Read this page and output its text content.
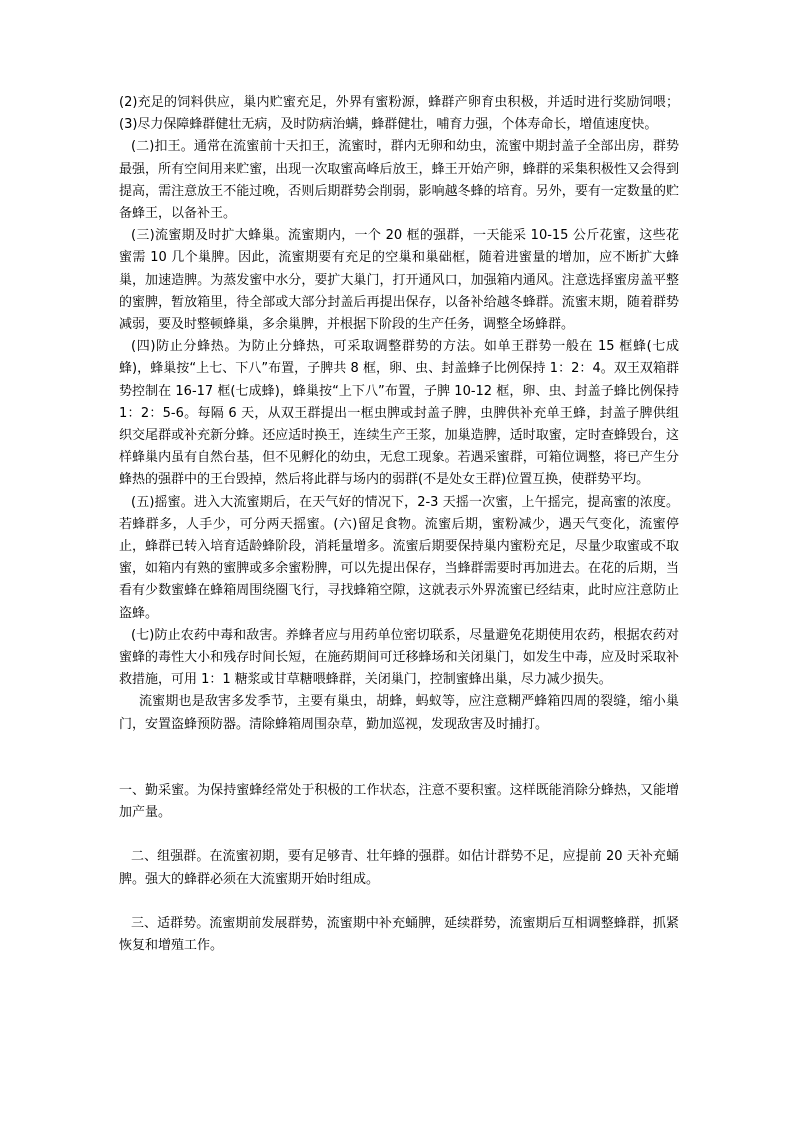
(2)充足的饲料供应，巢内贮蜜充足，外界有蜜粉源，蜂群产卵育虫积极，并适时进行奖励饲喂；(3)尽力保障蜂群健壮无病，及时防病治螨，蜂群健壮，哺育力强，个体寿命长，增值速度快。

(二)扣王。通常在流蜜前十天扣王，流蜜时，群内无卵和幼虫，流蜜中期封盖子全部出房，群势最强，所有空间用来贮蜜，出现一次取蜜高峰后放王，蜂王开始产卵，蜂群的采集积极性又会得到提高，需注意放王不能过晚，否则后期群势会削弱，影响越冬蜂的培育。另外，要有一定数量的贮备蜂王，以备补王。

(三)流蜜期及时扩大蜂巢。流蜜期内，一个 20 框的强群，一天能采 10-15 公斤花蜜，这些花蜜需 10 几个巢脾。因此，流蜜期要有充足的空巢和巢础框，随着进蜜量的增加，应不断扩大蜂巢，加速造脾。为蒸发蜜中水分，要扩大巢门，打开通风口，加强箱内通风。注意选择蜜房盖平整的蜜脾，暂放箱里，待全部或大部分封盖后再提出保存，以备补给越冬蜂群。流蜜末期，随着群势减弱，要及时整顿蜂巢，多余巢脾，并根据下阶段的生产任务，调整全场蜂群。

(四)防止分蜂热。为防止分蜂热，可采取调整群势的方法。如单王群势一般在 15 框蜂(七成蜂)，蜂巢按“上七、下八”布置，子脾共 8 框，卵、虫、封盖蜂子比例保持 1：2：4。双王双箱群势控制在 16-17 框(七成蜂)，蜂巢按“上下八”布置，子脾 10-12 框，卵、虫、封盖子蜂比例保持 1：2：5-6。每隔 6 天，从双王群提出一框虫脾或封盖子脾，虫脾供补充单王蜂，封盖子脾供组织交尾群或补充新分蜂。还应适时换王，连续生产王浆，加巢造脾，适时取蜜，定时查蜂毁台，这样蜂巢内虽有自然台基，但不见孵化的幼虫，无怠工现象。若遇采蜜群，可箱位调整，将已产生分蜂热的强群中的王台毁掉，然后将此群与场内的弱群(不是处女王群)位置互换，使群势平均。

(五)摇蜜。进入大流蜜期后，在天气好的情况下，2-3 天摇一次蜜，上午摇完，提高蜜的浓度。若蜂群多，人手少，可分两天摇蜜。(六)留足食物。流蜜后期，蜜粉减少，遇天气变化，流蜜停止，蜂群已转入培育适龄蜂阶段，消耗量增多。流蜜后期要保持巢内蜜粉充足，尽量少取蜜或不取蜜，如箱内有熟的蜜脾或多余蜜粉脾，可以先提出保存，当蜂群需要时再加进去。在花的后期，当看有少数蜜蜂在蜂箱周围绕圈飞行，寻找蜂箱空隙，这就表示外界流蜜已经结束，此时应注意防止盗蜂。

(七)防止农药中毒和敌害。养蜂者应与用药单位密切联系，尽量避免花期使用农药，根据农药对蜜蜂的毒性大小和残存时间长短，在施药期间可迁移蜂场和关闭巢门，如发生中毒，应及时采取补救措施，可用 1：1 糖浆或甘草糖喂蜂群，关闭巢门，控制蜜蜂出巢，尽力减少损失。

流蜜期也是敌害多发季节，主要有巢虫，胡蜂，蚂蚁等，应注意糊严蜂箱四周的裂缝，缩小巢门，安置盗蜂预防器。清除蜂箱周围杂草，勤加巡视，发现敌害及时捕打。

一、勤采蜜。为保持蜜蜂经常处于积极的工作状态，注意不要积蜜。这样既能消除分蜂热，又能增加产量。

二、组强群。在流蜜初期，要有足够青、壮年蜂的强群。如估计群势不足，应提前 20 天补充蛹脾。强大的蜂群必须在大流蜜期开始时组成。

三、适群势。流蜜期前发展群势，流蜜期中补充蛹脾，延续群势，流蜜期后互相调整蜂群，抓紧恢复和增殖工作。
